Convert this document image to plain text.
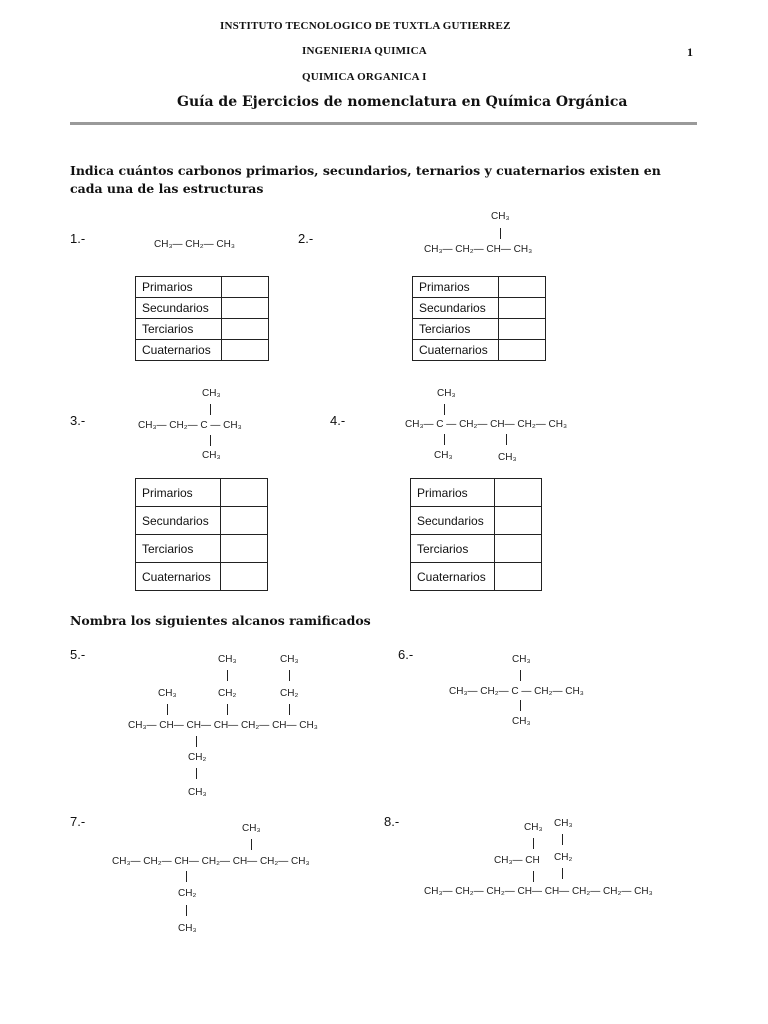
INSTITUTO TECNOLOGICO DE TUXTLA GUTIERREZ
INGENIERIA QUIMICA	1
QUIMICA ORGANICA I
Guía de Ejercicios de nomenclatura en Química Orgánica
Indica cuántos carbonos primarios, secundarios, ternarios y cuaternarios existen en cada una de las estructuras
1.-	CH₃— CH₂— CH₃
Primarios	
Secundarios	
Terciarios	
Cuaternarios	
2.-
CH₃
CH₃— CH₂— CH— CH₃
Primarios	
Secundarios	
Terciarios	
Cuaternarios	
3.-
CH₃
CH₃— CH₂— C — CH₃
CH₃
Primarios	
Secundarios	
Terciarios	
Cuaternarios	
4.-
CH₃
CH₃— C — CH₂— CH— CH₂— CH₃
CH₃	CH₃
Primarios	
Secundarios	
Terciarios	
Cuaternarios	
Nombra los siguientes alcanos ramificados
5.-	CH₃	CH₃
CH₃	CH₂	CH₂
CH₃— CH— CH— CH— CH₂— CH— CH₃
CH₂
CH₃
6.-	CH₃
CH₃— CH₂— C — CH₂— CH₃
CH₃
7.-	CH₃
CH₃— CH₂— CH— CH₂— CH— CH₂— CH₃
CH₂
CH₃
8.-	CH₃ CH₃
CH₃— CH CH₂
CH₃— CH₂— CH₂— CH— CH— CH₂— CH₂— CH₃
